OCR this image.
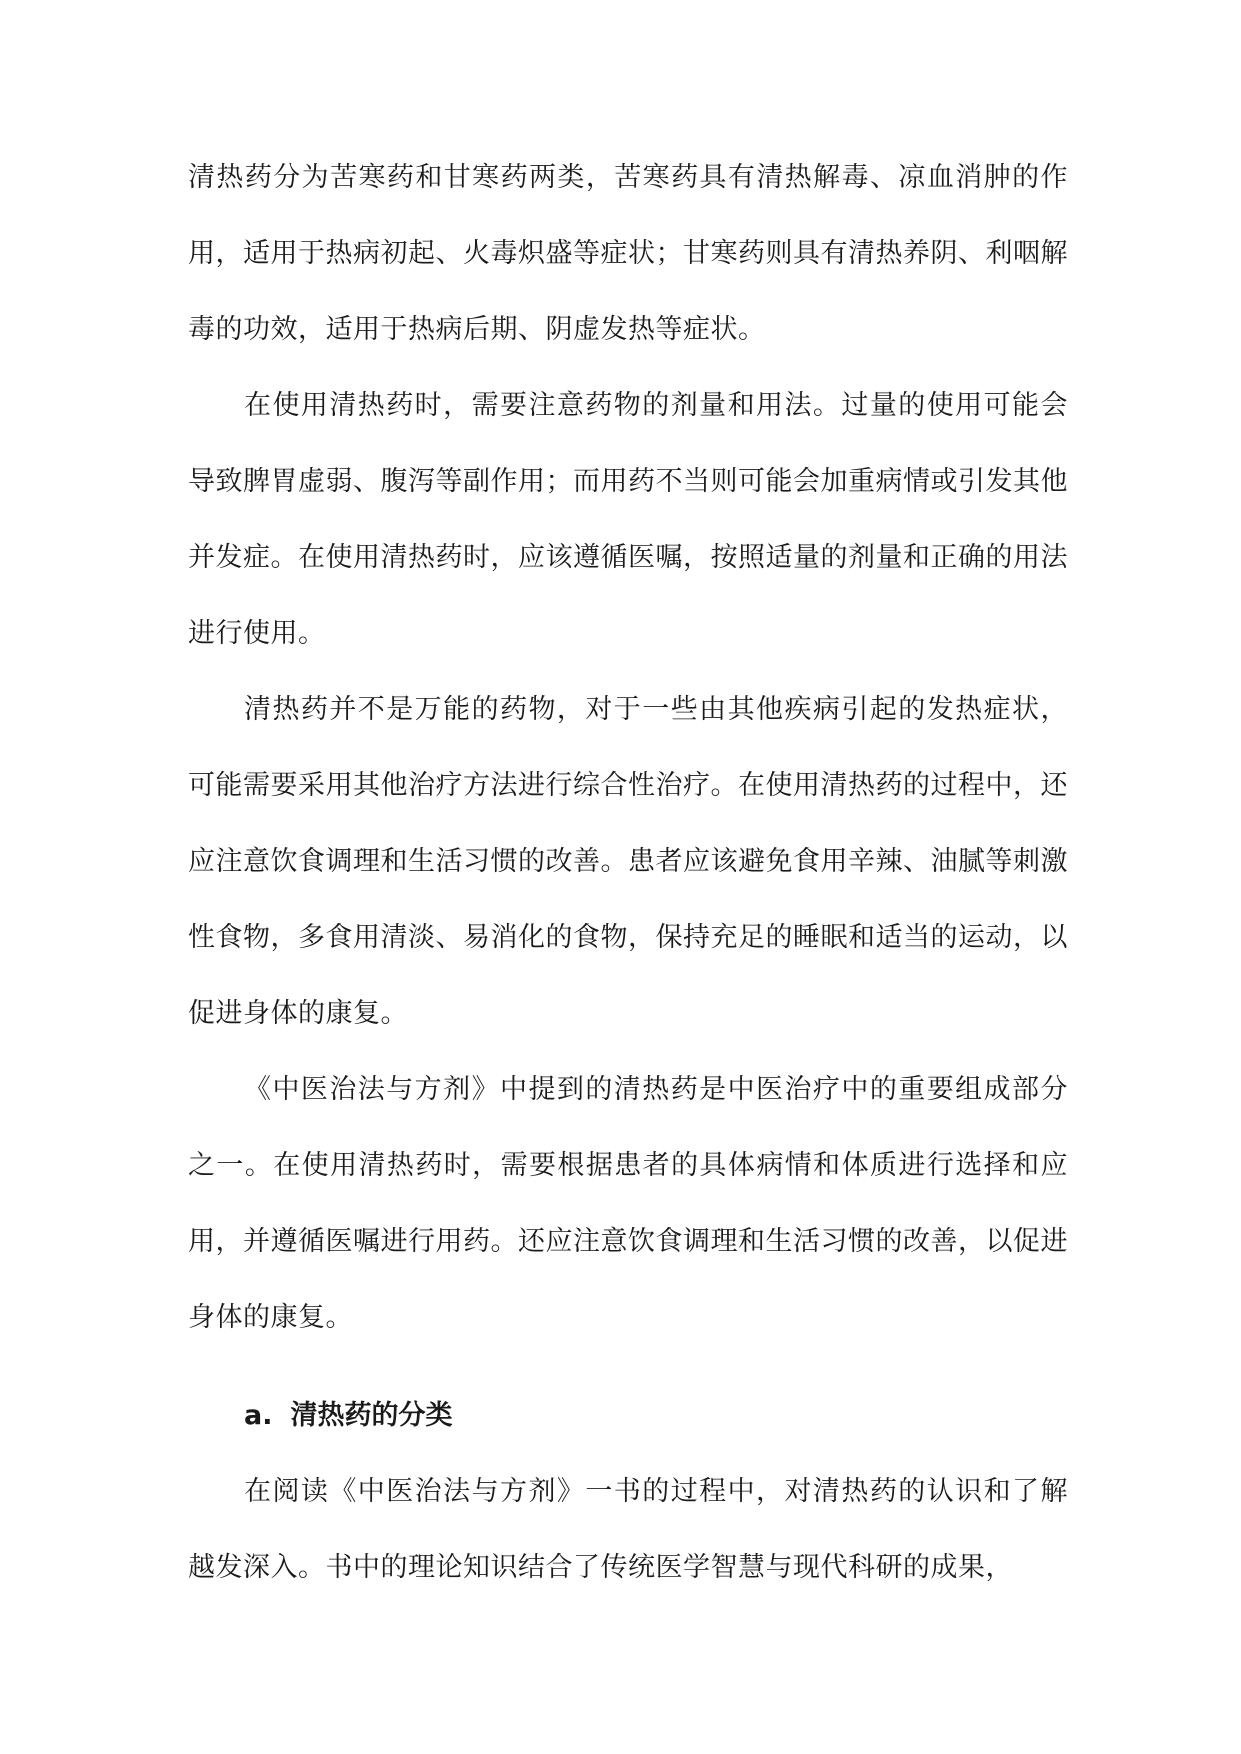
清热药分为苦寒药和甘寒药两类，苦寒药具有清热解毒、凉血消肿的作用，适用于热病初起、火毒炽盛等症状；甘寒药则具有清热养阴、利咽解毒的功效，适用于热病后期、阴虚发热等症状。

在使用清热药时，需要注意药物的剂量和用法。过量的使用可能会导致脾胃虚弱、腹泻等副作用；而用药不当则可能会加重病情或引发其他并发症。在使用清热药时，应该遵循医嘱，按照适量的剂量和正确的用法进行使用。

清热药并不是万能的药物，对于一些由其他疾病引起的发热症状，可能需要采用其他治疗方法进行综合性治疗。在使用清热药的过程中，还应注意饮食调理和生活习惯的改善。患者应该避免食用辛辣、油腻等刺激性食物，多食用清淡、易消化的食物，保持充足的睡眠和适当的运动，以促进身体的康复。

《中医治法与方剂》中提到的清热药是中医治疗中的重要组成部分之一。在使用清热药时，需要根据患者的具体病情和体质进行选择和应用，并遵循医嘱进行用药。还应注意饮食调理和生活习惯的改善，以促进身体的康复。

a. 清热药的分类

在阅读《中医治法与方剂》一书的过程中，对清热药的认识和了解越发深入。书中的理论知识结合了传统医学智慧与现代科研的成果，
